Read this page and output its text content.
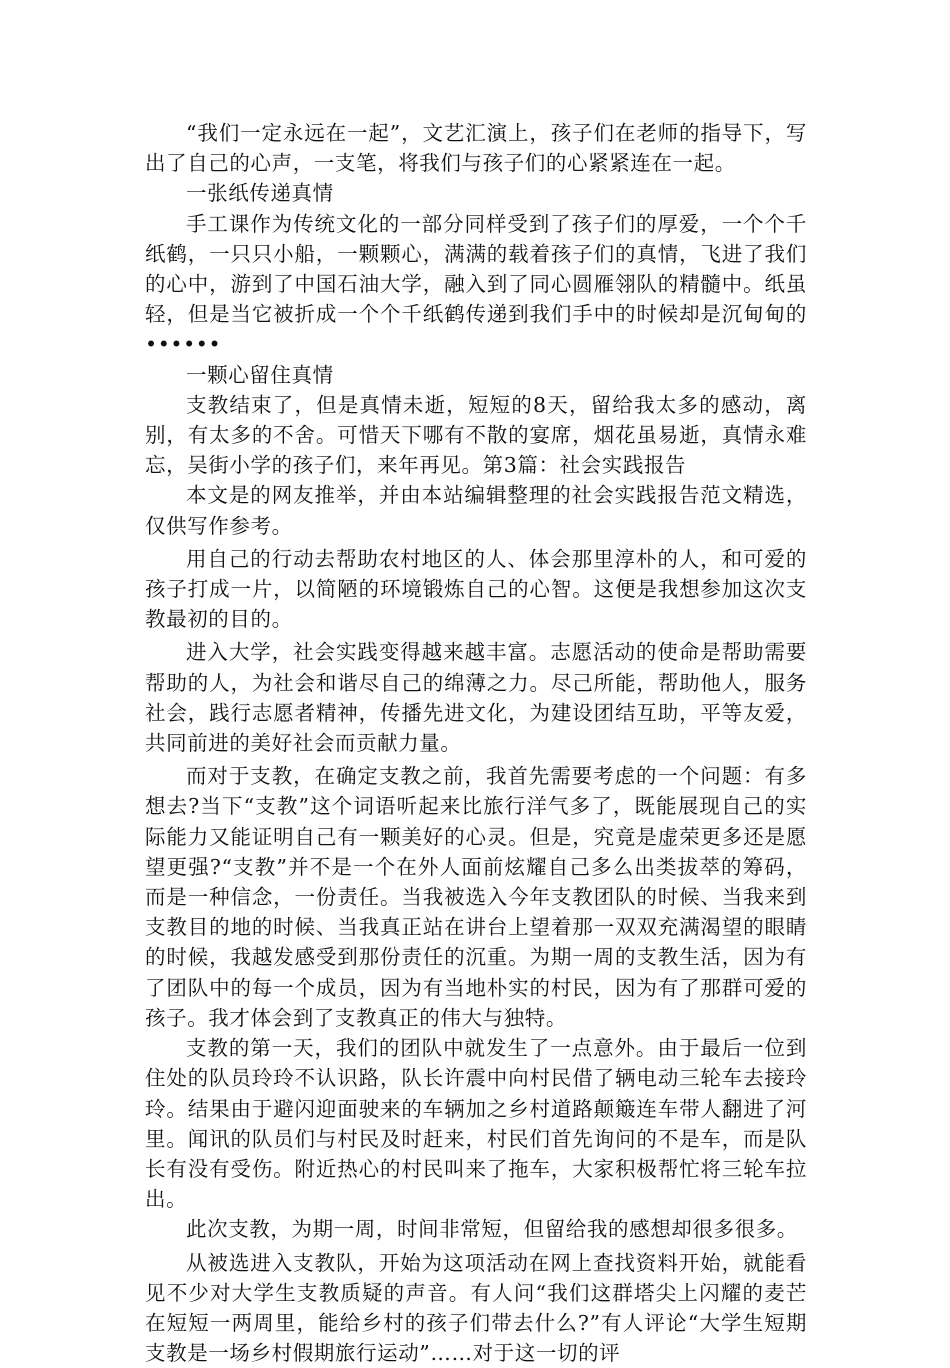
“我们一定永远在一起”，文艺汇演上，孩子们在老师的指导下，写出了自己的心声，一支笔，将我们与孩子们的心紧紧连在一起。

一张纸传递真情

手工课作为传统文化的一部分同样受到了孩子们的厚爱，一个个千纸鹤，一只只小船，一颗颗心，满满的载着孩子们的真情，飞进了我们的心中，游到了中国石油大学，融入到了同心圆雁翎队的精髓中。纸虽轻，但是当它被折成一个个千纸鹤传递到我们手中的时候却是沉甸甸的••••••

一颗心留住真情

支教结束了，但是真情未逝，短短的8天，留给我太多的感动，离别，有太多的不舍。可惜天下哪有不散的宴席，烟花虽易逝，真情永难忘，吴街小学的孩子们，来年再见。第3篇：社会实践报告

本文是的网友推举，并由本站编辑整理的社会实践报告范文精选，仅供写作参考。

用自己的行动去帮助农村地区的人、体会那里淳朴的人，和可爱的孩子打成一片，以简陋的环境锻炼自己的心智。这便是我想参加这次支教最初的目的。

进入大学，社会实践变得越来越丰富。志愿活动的使命是帮助需要帮助的人，为社会和谐尽自己的绵薄之力。尽己所能，帮助他人，服务社会，践行志愿者精神，传播先进文化，为建设团结互助，平等友爱，共同前进的美好社会而贡献力量。

而对于支教，在确定支教之前，我首先需要考虑的一个问题：有多想去?当下“支教”这个词语听起来比旅行洋气多了，既能展现自己的实际能力又能证明自己有一颗美好的心灵。但是，究竟是虚荣更多还是愿望更强?“支教”并不是一个在外人面前炫耀自己多么出类拔萃的筹码，而是一种信念，一份责任。当我被选入今年支教团队的时候、当我来到支教目的地的时候、当我真正站在讲台上望着那一双双充满渴望的眼睛的时候，我越发感受到那份责任的沉重。为期一周的支教生活，因为有了团队中的每一个成员，因为有当地朴实的村民，因为有了那群可爱的孩子。我才体会到了支教真正的伟大与独特。

支教的第一天，我们的团队中就发生了一点意外。由于最后一位到住处的队员玲玲不认识路，队长许震中向村民借了辆电动三轮车去接玲玲。结果由于避闪迎面驶来的车辆加之乡村道路颠簸连车带人翻进了河里。闻讯的队员们与村民及时赶来，村民们首先询问的不是车，而是队长有没有受伤。附近热心的村民叫来了拖车，大家积极帮忙将三轮车拉出。

此次支教，为期一周，时间非常短，但留给我的感想却很多很多。

从被选进入支教队，开始为这项活动在网上查找资料开始，就能看见不少对大学生支教质疑的声音。有人问“我们这群塔尖上闪耀的麦芒在短短一两周里，能给乡村的孩子们带去什么?”有人评论“大学生短期支教是一场乡村假期旅行运动”……对于这一切的评
